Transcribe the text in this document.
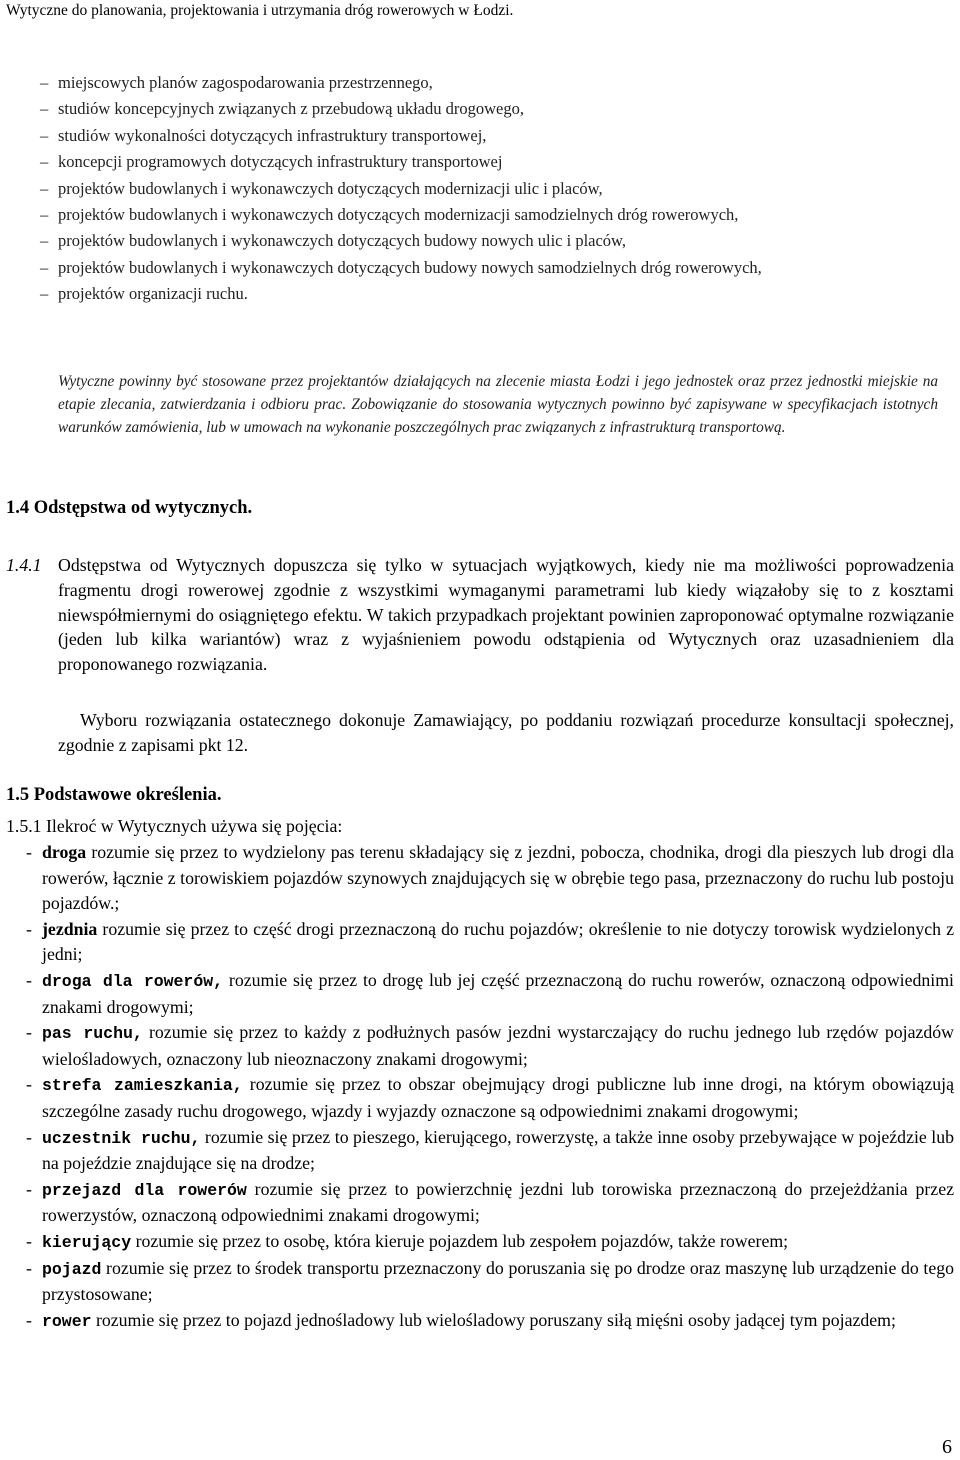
Wytyczne do planowania, projektowania i utrzymania dróg rowerowych w Łodzi.
– miejscowych planów zagospodarowania przestrzennego,
– studiów koncepcyjnych związanych z przebudową układu drogowego,
– studiów wykonalności dotyczących infrastruktury transportowej,
– koncepcji programowych dotyczących infrastruktury transportowej
– projektów budowlanych i wykonawczych dotyczących modernizacji ulic i placów,
– projektów budowlanych i wykonawczych dotyczących modernizacji samodzielnych dróg rowerowych,
– projektów budowlanych i wykonawczych dotyczących budowy nowych ulic i placów,
– projektów budowlanych i wykonawczych dotyczących budowy nowych samodzielnych dróg rowerowych,
– projektów organizacji ruchu.
Wytyczne powinny być stosowane przez projektantów działających na zlecenie miasta Łodzi i jego jednostek oraz przez jednostki miejskie na etapie zlecania, zatwierdzania i odbioru prac. Zobowiązanie do stosowania wytycznych powinno być zapisywane w specyfikacjach istotnych warunków zamówienia, lub w umowach na wykonanie poszczególnych prac związanych z infrastrukturą transportową.
1.4 Odstępstwa od wytycznych.
1.4.1 Odstępstwa od Wytycznych dopuszcza się tylko w sytuacjach wyjątkowych, kiedy nie ma możliwości poprowadzenia fragmentu drogi rowerowej zgodnie z wszystkimi wymaganymi parametrami lub kiedy wiązałoby się to z kosztami niewspółmiernymi do osiągniętego efektu. W takich przypadkach projektant powinien zaproponować optymalne rozwiązanie (jeden lub kilka wariantów) wraz z wyjaśnieniem powodu odstąpienia od Wytycznych oraz uzasadnieniem dla proponowanego rozwiązania.
Wyboru rozwiązania ostatecznego dokonuje Zamawiający, po poddaniu rozwiązań procedurze konsultacji społecznej, zgodnie z zapisami pkt 12.
1.5 Podstawowe określenia.
1.5.1 Ilekroć w Wytycznych używa się pojęcia:
- droga rozumie się przez to wydzielony pas terenu składający się z jezdni, pobocza, chodnika, drogi dla pieszych lub drogi dla rowerów, łącznie z torowiskiem pojazdów szynowych znajdujących się w obrębie tego pasa, przeznaczony do ruchu lub postoju pojazdów.;
- jezdnia rozumie się przez to część drogi przeznaczoną do ruchu pojazdów; określenie to nie dotyczy torowisk wydzielonych z jedni;
- droga dla rowerów, rozumie się przez to drogę lub jej część przeznaczoną do ruchu rowerów, oznaczoną odpowiednimi znakami drogowymi;
- pas ruchu, rozumie się przez to każdy z podłużnych pasów jezdni wystarczający do ruchu jednego lub rzędów pojazdów wielośladowych, oznaczony lub nieoznaczony znakami drogowymi;
- strefa zamieszkania, rozumie się przez to obszar obejmujący drogi publiczne lub inne drogi, na którym obowiązują szczególne zasady ruchu drogowego, wjazdy i wyjazdy oznaczone są odpowiednimi znakami drogowymi;
- uczestnik ruchu, rozumie się przez to pieszego, kierującego, rowerzystę, a także inne osoby przebywające w pojeździe lub na pojeździe znajdujące się na drodze;
- przejazd dla rowerów rozumie się przez to powierzchnię jezdni lub torowiska przeznaczoną do przejeżdżania przez rowerzystów, oznaczoną odpowiednimi znakami drogowymi;
- kierujący rozumie się przez to osobę, która kieruje pojazdem lub zespołem pojazdów, także rowerem;
- pojazd rozumie się przez to środek transportu przeznaczony do poruszania się po drodze oraz maszynę lub urządzenie do tego przystosowane;
- rower rozumie się przez to pojazd jednośladowy lub wielośladowy poruszany siłą mięśni osoby jadącej tym pojazdem;
6
